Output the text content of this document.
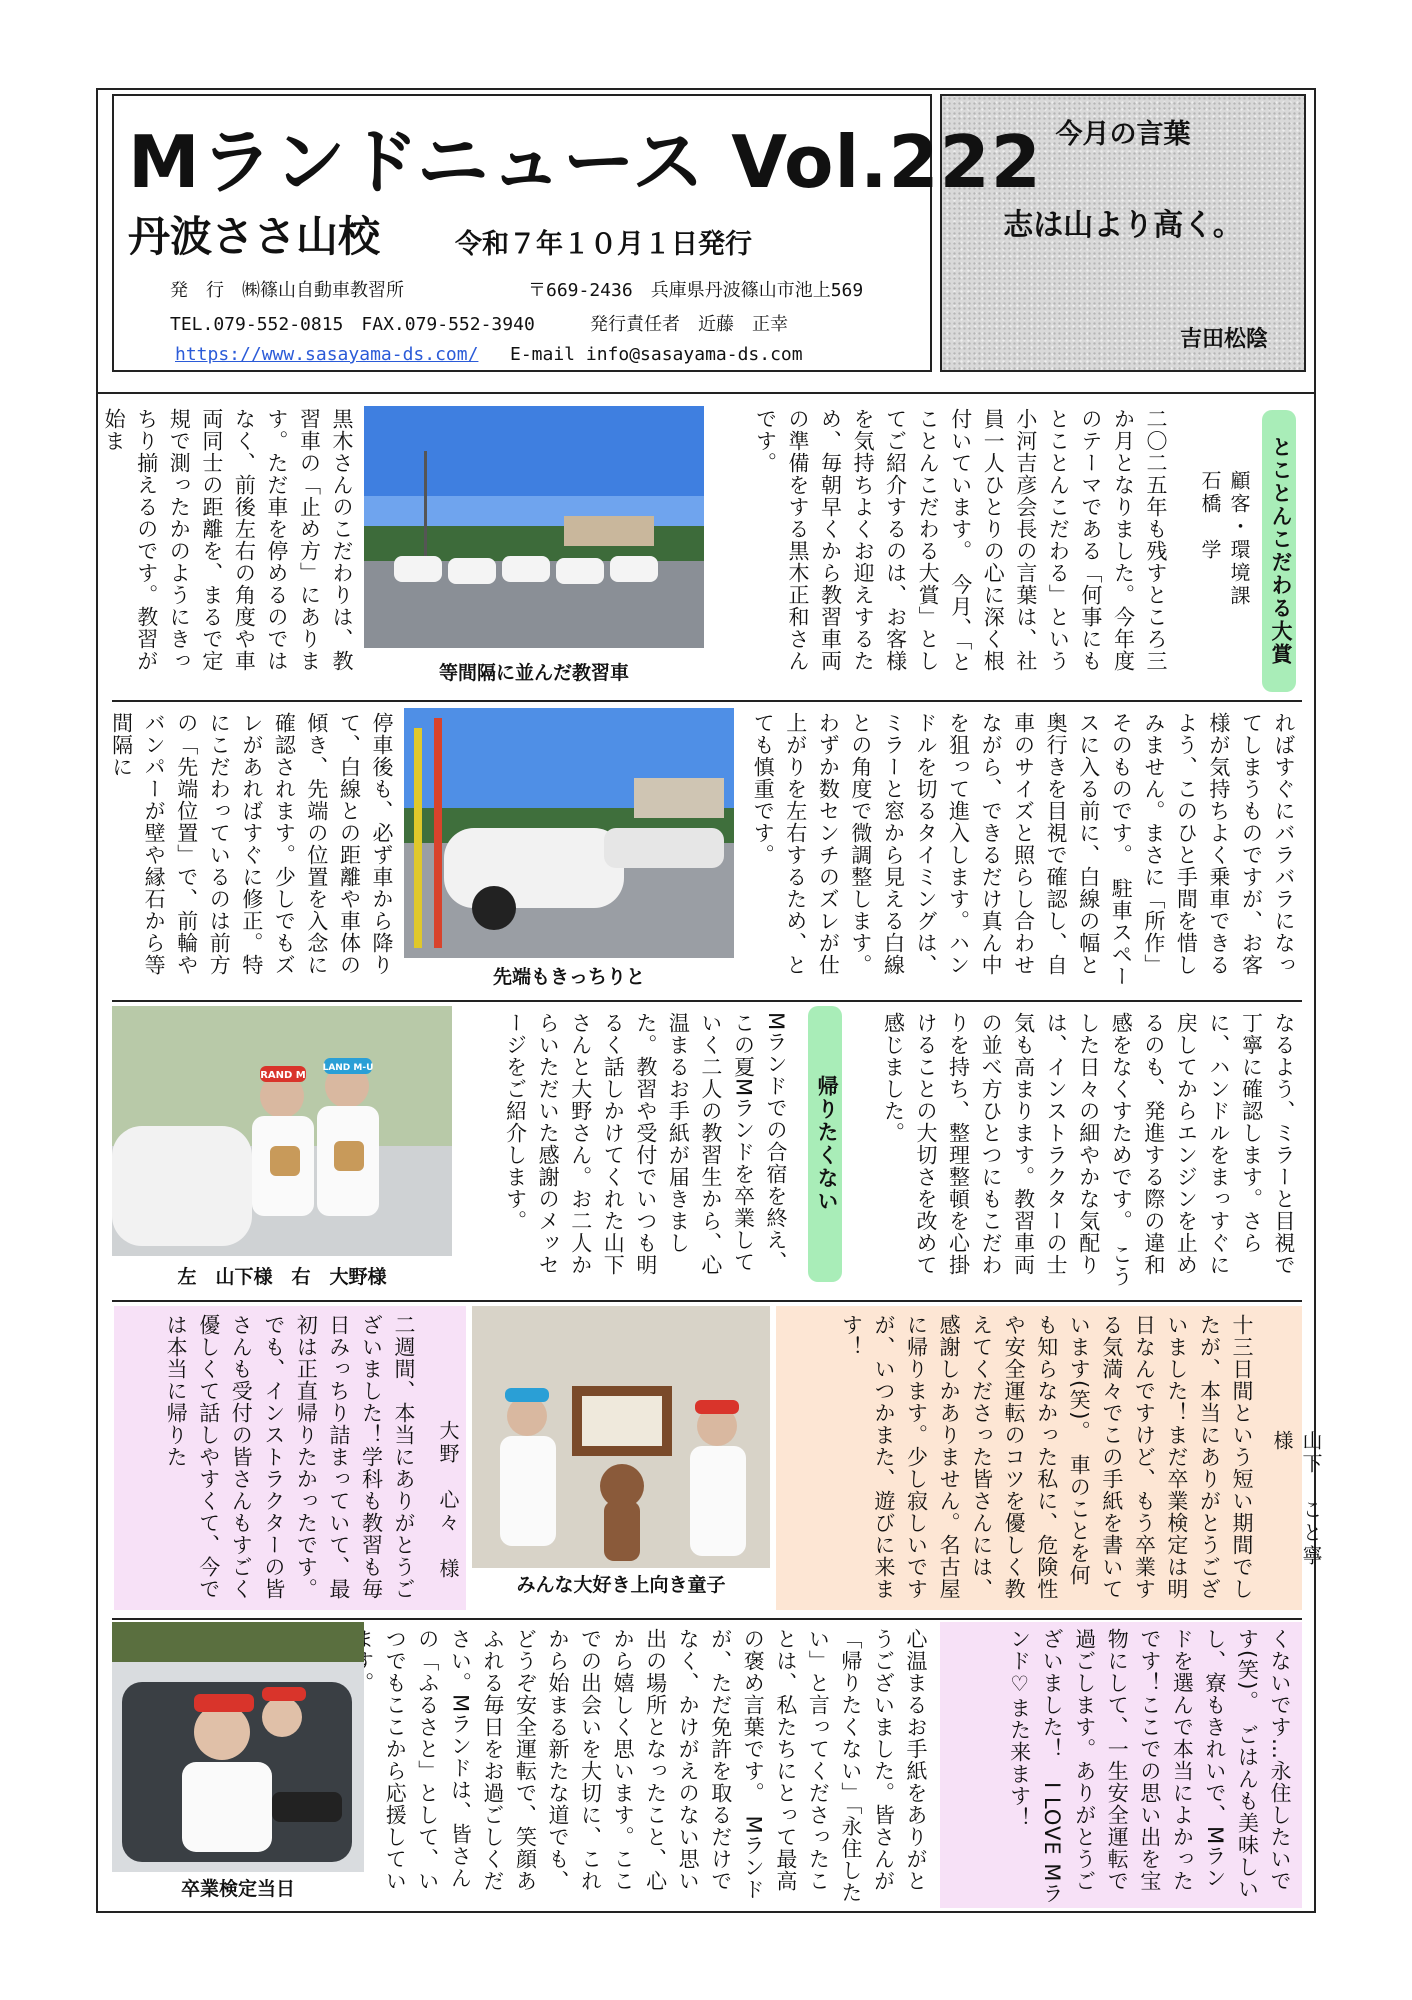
Mランドニュース Vol.222
丹波ささ山校	令和７年１０月１日発行
発　行　㈱篠山自動車教習所	〒669-2436　兵庫県丹波篠山市池上569
TEL.079-552-0815　FAX.079-552-3940	発行責任者　近藤　正幸
https://www.sasayama-ds.com/ E-mail info@sasayama-ds.com
今月の言葉
志は山より高く。
吉田松陰
とことんこだわる大賞
顧客・環境課　　石橋　学
二〇二五年も残すところ三か月となりました。今年度のテーマである「何事にもとことんこだわる」という小河吉彦会長の言葉は、社員一人ひとりの心に深く根付いています。　今月、「とことんこだわる大賞」としてご紹介するのは、お客様を気持ちよくお迎えするため、毎朝早くから教習車両の準備をする黒木正和さんです。
等間隔に並んだ教習車
黒木さんのこだわりは、教習車の「止め方」にあります。ただ車を停めるのではなく、前後左右の角度や車両同士の距離を、まるで定規で測ったかのようにきっちり揃えるのです。教習が始ま
ればすぐにバラバラになってしまうものですが、お客様が気持ちよく乗車できるよう、このひと手間を惜しみません。まさに「所作」そのものです。　駐車スペースに入る前に、白線の幅と奥行きを目視で確認し、自車のサイズと照らし合わせながら、できるだけ真ん中を狙って進入します。ハンドルを切るタイミングは、ミラーと窓から見える白線との角度で微調整します。わずか数センチのズレが仕上がりを左右するため、とても慎重です。
先端もきっちりと
停車後も、必ず車から降りて、白線との距離や車体の傾き、先端の位置を入念に確認されます。少しでもズレがあればすぐに修正。特にこだわっているのは前方の「先端位置」で、前輪やバンパーが壁や縁石から等間隔に
なるよう、ミラーと目視で丁寧に確認します。さらに、ハンドルをまっすぐに戻してからエンジンを止めるのも、発進する際の違和感をなくすためです。　こうした日々の細やかな気配りは、インストラクターの士気も高まります。教習車両の並べ方ひとつにもこだわりを持ち、整理整頓を心掛けることの大切さを改めて感じました。
帰りたくない
Mランドでの合宿を終え、この夏Mランドを卒業していく二人の教習生から、心温まるお手紙が届きました。教習や受付でいつも明るく話しかけてくれた山下さんと大野さん。お二人からいただいた感謝のメッセージをご紹介します。
RAND M
LAND M-U
左　山下様　右　大野様
山下　こと寧　様
十三日間という短い期間でしたが、本当にありがとうございました！まだ卒業検定は明日なんですけど、もう卒業する気満々でこの手紙を書いています(笑)。　車のことを何も知らなかった私に、危険性や安全運転のコツを優しく教えてくださった皆さんには、感謝しかありません。名古屋に帰ります。少し寂しいですが、いつかまた、遊びに来ます！
みんな大好き上向き童子
大野　心々　様
二週間、本当にありがとうございました！学科も教習も毎日みっちり詰まっていて、最初は正直帰りたかったです。でも、インストラクターの皆さんも受付の皆さんもすごく優しくて話しやすくて、今では本当に帰りた
くないです…永住したいです(笑)。　ごはんも美味しいし、寮もきれいで、Mランドを選んで本当によかったです！ここでの思い出を宝物にして、一生安全運転で過ごします。ありがとうございました！　I LOVE Mランド♡また来ます！
心温まるお手紙をありがとうございました。皆さんが「帰りたくない」「永住したい」と言ってくださったことは、私たちにとって最高の褒め言葉です。　Mランドが、ただ免許を取るだけでなく、かけがえのない思い出の場所となったこと、心から嬉しく思います。ここでの出会いを大切に、これから始まる新たな道でも、どうぞ安全運転で、笑顔あふれる毎日をお過ごしください。Mランドは、皆さんの「ふるさと」として、いつでもここから応援してい
卒業検定当日
